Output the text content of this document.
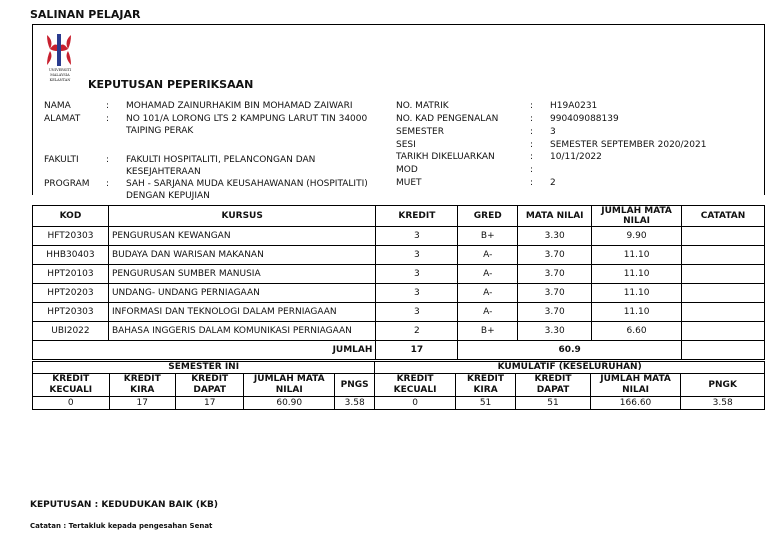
SALINAN PELAJAR
UNIVERSITI
MALAYSIA
KELANTAN	KEPUTUSAN PEPERIKSAAN
NAMA	: MOHAMAD ZAINURHAKIM BIN MOHAMAD ZAIWARI
ALAMAT	: NO 101/A LORONG LTS 2 KAMPUNG LARUT TIN 34000
TAIPING PERAK
FAKULTI	: FAKULTI HOSPITALITI, PELANCONGAN DAN
KESEJAHTERAAN
PROGRAM : SAH - SARJANA MUDA KEUSAHAWANAN (HOSPITALITI)
DENGAN KEPUJIAN
NO. MATRIK	: H19A0231
NO. KAD PENGENALAN	: 990409088139
SEMESTER	: 3
SESI	: SEMESTER SEPTEMBER 2020/2021
TARIKH DIKELUARKAN	: 10/11/2022
MOD	:
MUET	: 2
KOD	KURSUS	KREDIT	GRED	MATA NILAI	JUMLAH MATA NILAI	CATATAN
HFT20303	PENGURUSAN KEWANGAN	3	B+	3.30	9.90	
HHB30403	BUDAYA DAN WARISAN MAKANAN	3	A-	3.70	11.10	
HPT20103	PENGURUSAN SUMBER MANUSIA	3	A-	3.70	11.10	
HPT20203	UNDANG- UNDANG PERNIAGAAN	3	A-	3.70	11.10	
HPT20303	INFORMASI DAN TEKNOLOGI DALAM PERNIAGAAN	3	A-	3.70	11.10	
UBI2022	BAHASA INGGERIS DALAM KOMUNIKASI PERNIAGAAN	2	B+	3.30	6.60	
JUMLAH		17	60.9			
SEMESTER INI					KUMULATIF (KESELURUHAN)				
KREDIT KECUALI	KREDIT KIRA	KREDIT DAPAT	JUMLAH MATA NILAI	PNGS	KREDIT KECUALI	KREDIT KIRA	KREDIT DAPAT	JUMLAH MATA NILAI	PNGK
0	17	17	60.90	3.58	0	51	51	166.60	3.58
KEPUTUSAN : KEDUDUKAN BAIK (KB)
Catatan : Tertakluk kepada pengesahan Senat
